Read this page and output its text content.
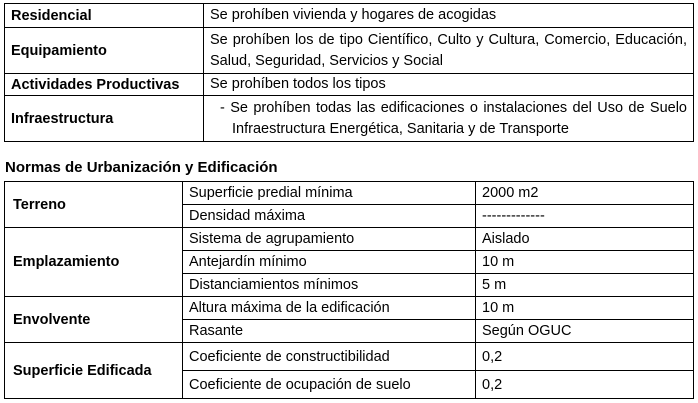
Residencial	Se prohíben vivienda y hogares de acogidas
Equipamiento	Se prohíben los de tipo Científico, Culto y Cultura, Comercio, Educación, Salud, Seguridad, Servicios y Social
Actividades Productivas	Se prohíben todos los tipos
Infraestructura	- Se prohíben todas las edificaciones o instalaciones del Uso de Suelo Infraestructura Energética, Sanitaria y de Transporte
Normas de Urbanización y Edificación
Terreno	Superficie predial mínima	2000 m2
	Densidad máxima	-------------
Emplazamiento	Sistema de agrupamiento	Aislado
	Antejardín mínimo	10 m
	Distanciamientos mínimos	5 m
Envolvente	Altura máxima de la edificación	10 m
	Rasante	Según OGUC
Superficie Edificada	Coeficiente de constructibilidad	0,2
	Coeficiente de ocupación de suelo	0,2
